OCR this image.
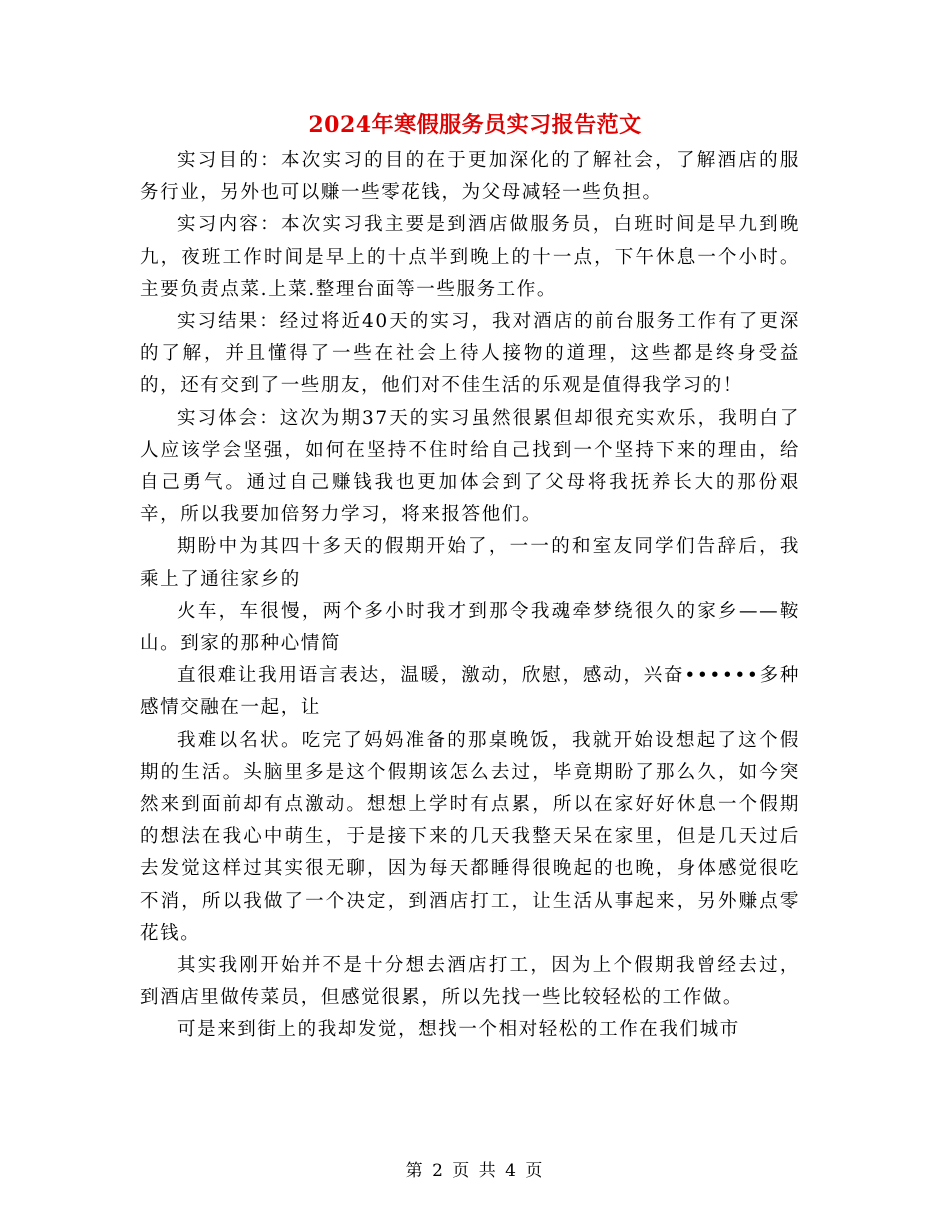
2024年寒假服务员实习报告范文

实习目的：本次实习的目的在于更加深化的了解社会，了解酒店的服务行业，另外也可以赚一些零花钱，为父母减轻一些负担。

实习内容：本次实习我主要是到酒店做服务员，白班时间是早九到晚九，夜班工作时间是早上的十点半到晚上的十一点，下午休息一个小时。主要负责点菜.上菜.整理台面等一些服务工作。

实习结果：经过将近40天的实习，我对酒店的前台服务工作有了更深的了解，并且懂得了一些在社会上待人接物的道理，这些都是终身受益的，还有交到了一些朋友，他们对不佳生活的乐观是值得我学习的！

实习体会：这次为期37天的实习虽然很累但却很充实欢乐，我明白了人应该学会坚强，如何在坚持不住时给自己找到一个坚持下来的理由，给自己勇气。通过自己赚钱我也更加体会到了父母将我抚养长大的那份艰辛，所以我要加倍努力学习，将来报答他们。

期盼中为其四十多天的假期开始了，一一的和室友同学们告辞后，我乘上了通往家乡的

火车，车很慢，两个多小时我才到那令我魂牵梦绕很久的家乡——鞍山。到家的那种心情简

直很难让我用语言表达，温暖，激动，欣慰，感动，兴奋••••••多种感情交融在一起，让

我难以名状。吃完了妈妈准备的那桌晚饭，我就开始设想起了这个假期的生活。头脑里多是这个假期该怎么去过，毕竟期盼了那么久，如今突然来到面前却有点激动。想想上学时有点累，所以在家好好休息一个假期的想法在我心中萌生，于是接下来的几天我整天呆在家里，但是几天过后去发觉这样过其实很无聊，因为每天都睡得很晚起的也晚，身体感觉很吃不消，所以我做了一个决定，到酒店打工，让生活从事起来，另外赚点零花钱。

其实我刚开始并不是十分想去酒店打工，因为上个假期我曾经去过，到酒店里做传菜员，但感觉很累，所以先找一些比较轻松的工作做。

可是来到街上的我却发觉，想找一个相对轻松的工作在我们城市

第 2 页 共 4 页
